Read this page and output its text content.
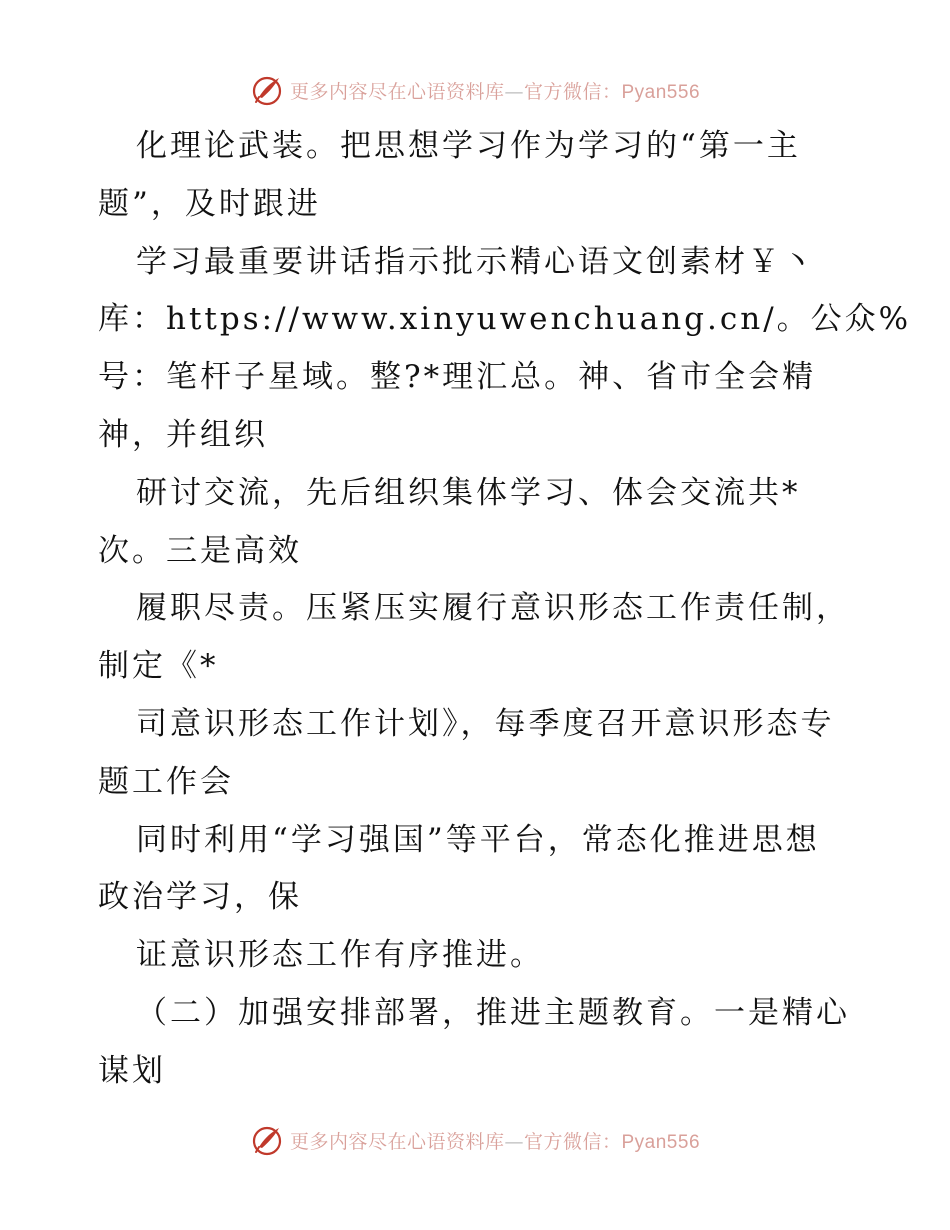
更多内容尽在心语资料库—官方微信：Pyan556
化理论武装。把思想学习作为学习的“第一主
题”，及时跟进
学习最重要讲话指示批示精心语文创素材￥丶
库：https://www.xinyuwenchuang.cn/。公众%
号：笔杆子星域。整?*理汇总。神、省市全会精
神，并组织
研讨交流，先后组织集体学习、体会交流共*
次。三是高效
履职尽责。压紧压实履行意识形态工作责任制，
制定《*
司意识形态工作计划》，每季度召开意识形态专
题工作会
同时利用“学习强国”等平台，常态化推进思想
政治学习，保
证意识形态工作有序推进。
（二）加强安排部署，推进主题教育。一是精心
谋划
更多内容尽在心语资料库—官方微信：Pyan556
